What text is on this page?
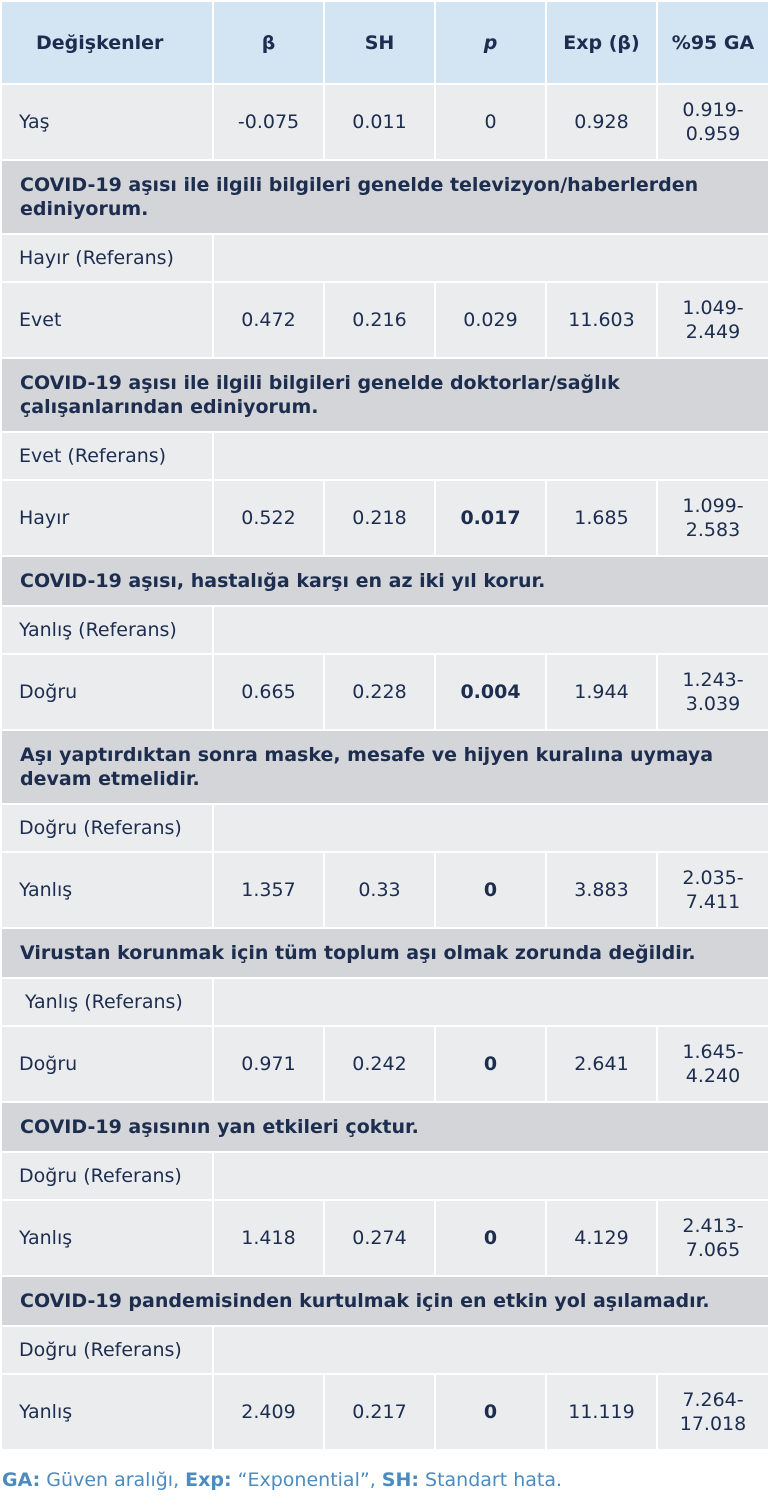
Değişkenler	β	SH	p	Exp (β)	%95 GA
Yaş	-0.075	0.011	0	0.928	0.919-
0.959
COVID-19 aşısı ile ilgili bilgileri genelde televizyon/haberlerden ediniyorum.					
Hayır (Referans)					
Evet	0.472	0.216	0.029	11.603	1.049-
2.449
COVID-19 aşısı ile ilgili bilgileri genelde doktorlar/sağlık çalışanlarından ediniyorum.					
Evet (Referans)					
Hayır	0.522	0.218	0.017	1.685	1.099-
2.583
COVID-19 aşısı, hastalığa karşı en az iki yıl korur.					
Yanlış (Referans)					
Doğru	0.665	0.228	0.004	1.944	1.243-
3.039
Aşı yaptırdıktan sonra maske, mesafe ve hijyen kuralına uymaya devam etmelidir.					
Doğru (Referans)					
Yanlış	1.357	0.33	0	3.883	2.035-
7.411
Virustan korunmak için tüm toplum aşı olmak zorunda değildir.					
Yanlış (Referans)					
Doğru	0.971	0.242	0	2.641	1.645-
4.240
COVID-19 aşısının yan etkileri çoktur.					
Doğru (Referans)					
Yanlış	1.418	0.274	0	4.129	2.413-
7.065
COVID-19 pandemisinden kurtulmak için en etkin yol aşılamadır.					
Doğru (Referans)					
Yanlış	2.409	0.217	0	11.119	7.264-
17.018
GA: Güven aralığı, Exp: “Exponential”, SH: Standart hata.
